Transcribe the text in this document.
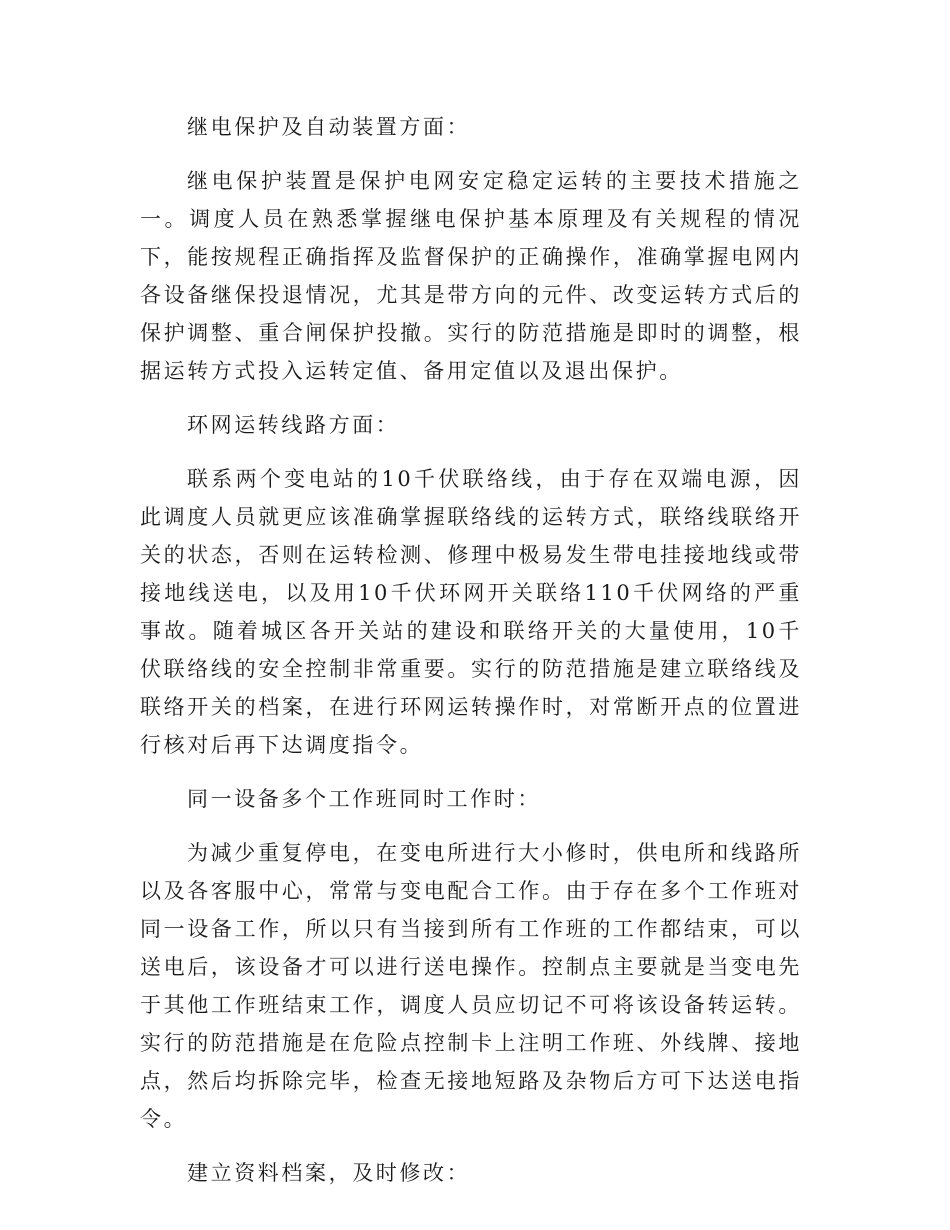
继电保护及自动装置方面：

继电保护装置是保护电网安定稳定运转的主要技术措施之一。调度人员在熟悉掌握继电保护基本原理及有关规程的情况下，能按规程正确指挥及监督保护的正确操作，准确掌握电网内各设备继保投退情况，尤其是带方向的元件、改变运转方式后的保护调整、重合闸保护投撤。实行的防范措施是即时的调整，根据运转方式投入运转定值、备用定值以及退出保护。

环网运转线路方面：

联系两个变电站的10千伏联络线，由于存在双端电源，因此调度人员就更应该准确掌握联络线的运转方式，联络线联络开关的状态，否则在运转检测、修理中极易发生带电挂接地线或带接地线送电，以及用10千伏环网开关联络110千伏网络的严重事故。随着城区各开关站的建设和联络开关的大量使用，10千伏联络线的安全控制非常重要。实行的防范措施是建立联络线及联络开关的档案，在进行环网运转操作时，对常断开点的位置进行核对后再下达调度指令。

同一设备多个工作班同时工作时：

为减少重复停电，在变电所进行大小修时，供电所和线路所以及各客服中心，常常与变电配合工作。由于存在多个工作班对同一设备工作，所以只有当接到所有工作班的工作都结束，可以送电后，该设备才可以进行送电操作。控制点主要就是当变电先于其他工作班结束工作，调度人员应切记不可将该设备转运转。实行的防范措施是在危险点控制卡上注明工作班、外线牌、接地点，然后均拆除完毕，检查无接地短路及杂物后方可下达送电指令。

建立资料档案，及时修改：
